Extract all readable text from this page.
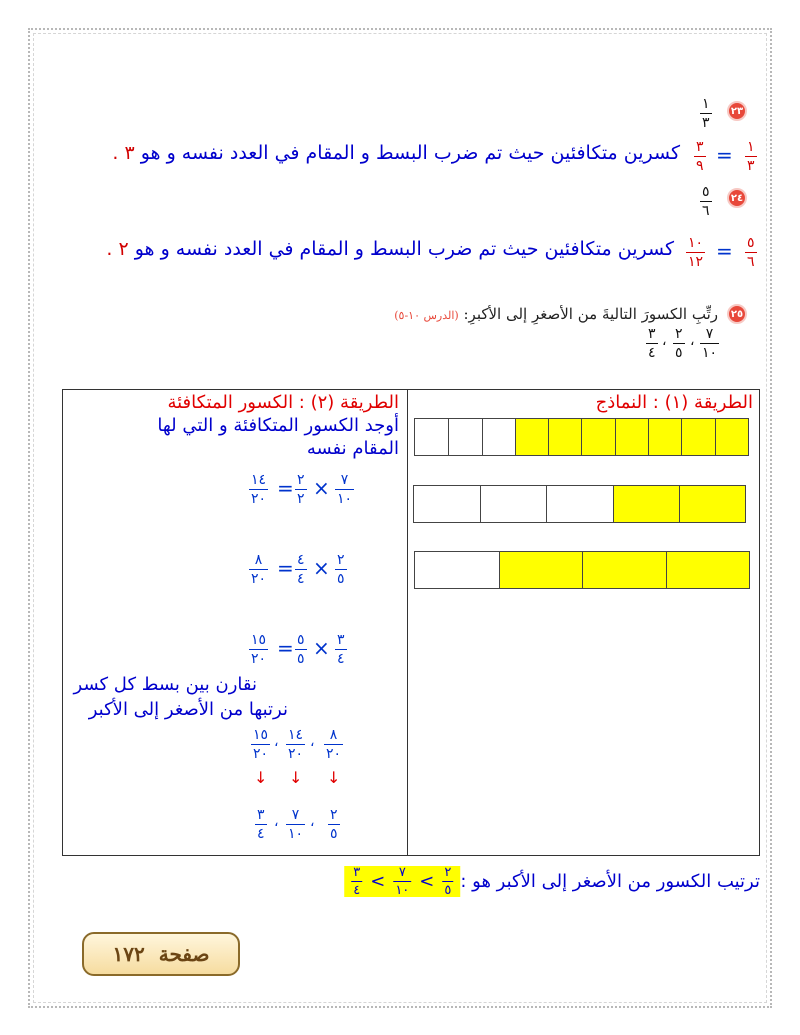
٢٣
١
٣
١
٣
=
٣
٩
كسرين متكافئين حيث تم ضرب البسط و المقام في العدد نفسه و هو ٣ .
٢٤
٥
٦
٥
٦
=
١٠
١٢
كسرين متكافئين حيث تم ضرب البسط و المقام في العدد نفسه و هو ٢ .
٢٥
رتِّبِ الكسورَ التاليةَ من الأصغرِ إلى الأكبرِ: (الدرس ١٠-٥)
٧
١٠
،
٢
٥
،
٣
٤
الطريقة (٢) : الكسور المتكافئة
أوجد الكسور المتكافئة و التي لها
المقام نفسه
١٤
٢٠ = ٢
٢ × ٧
١٠
٨
٢٠ = ٤
٤ × ٢
٥
١٥
٢٠ = ٥
٥ × ٣
٤
نقارن بين بسط كل كسر
نرتبها من الأصغر إلى الأكبر
١٥
٢٠
، ١٤
٢٠
، ٨
٢٠
↓ ↓ ↓
٣
٤
، ٧
١٠
، ٢
٥
الطريقة (١) : النماذج
ترتيب الكسور من الأصغر إلى الأكبر هو :
$\frac{٢}{٥}$
>
$\frac{٧}{١٠}$
>
$\frac{٣}{٤}$
١٧٢ صفحة
